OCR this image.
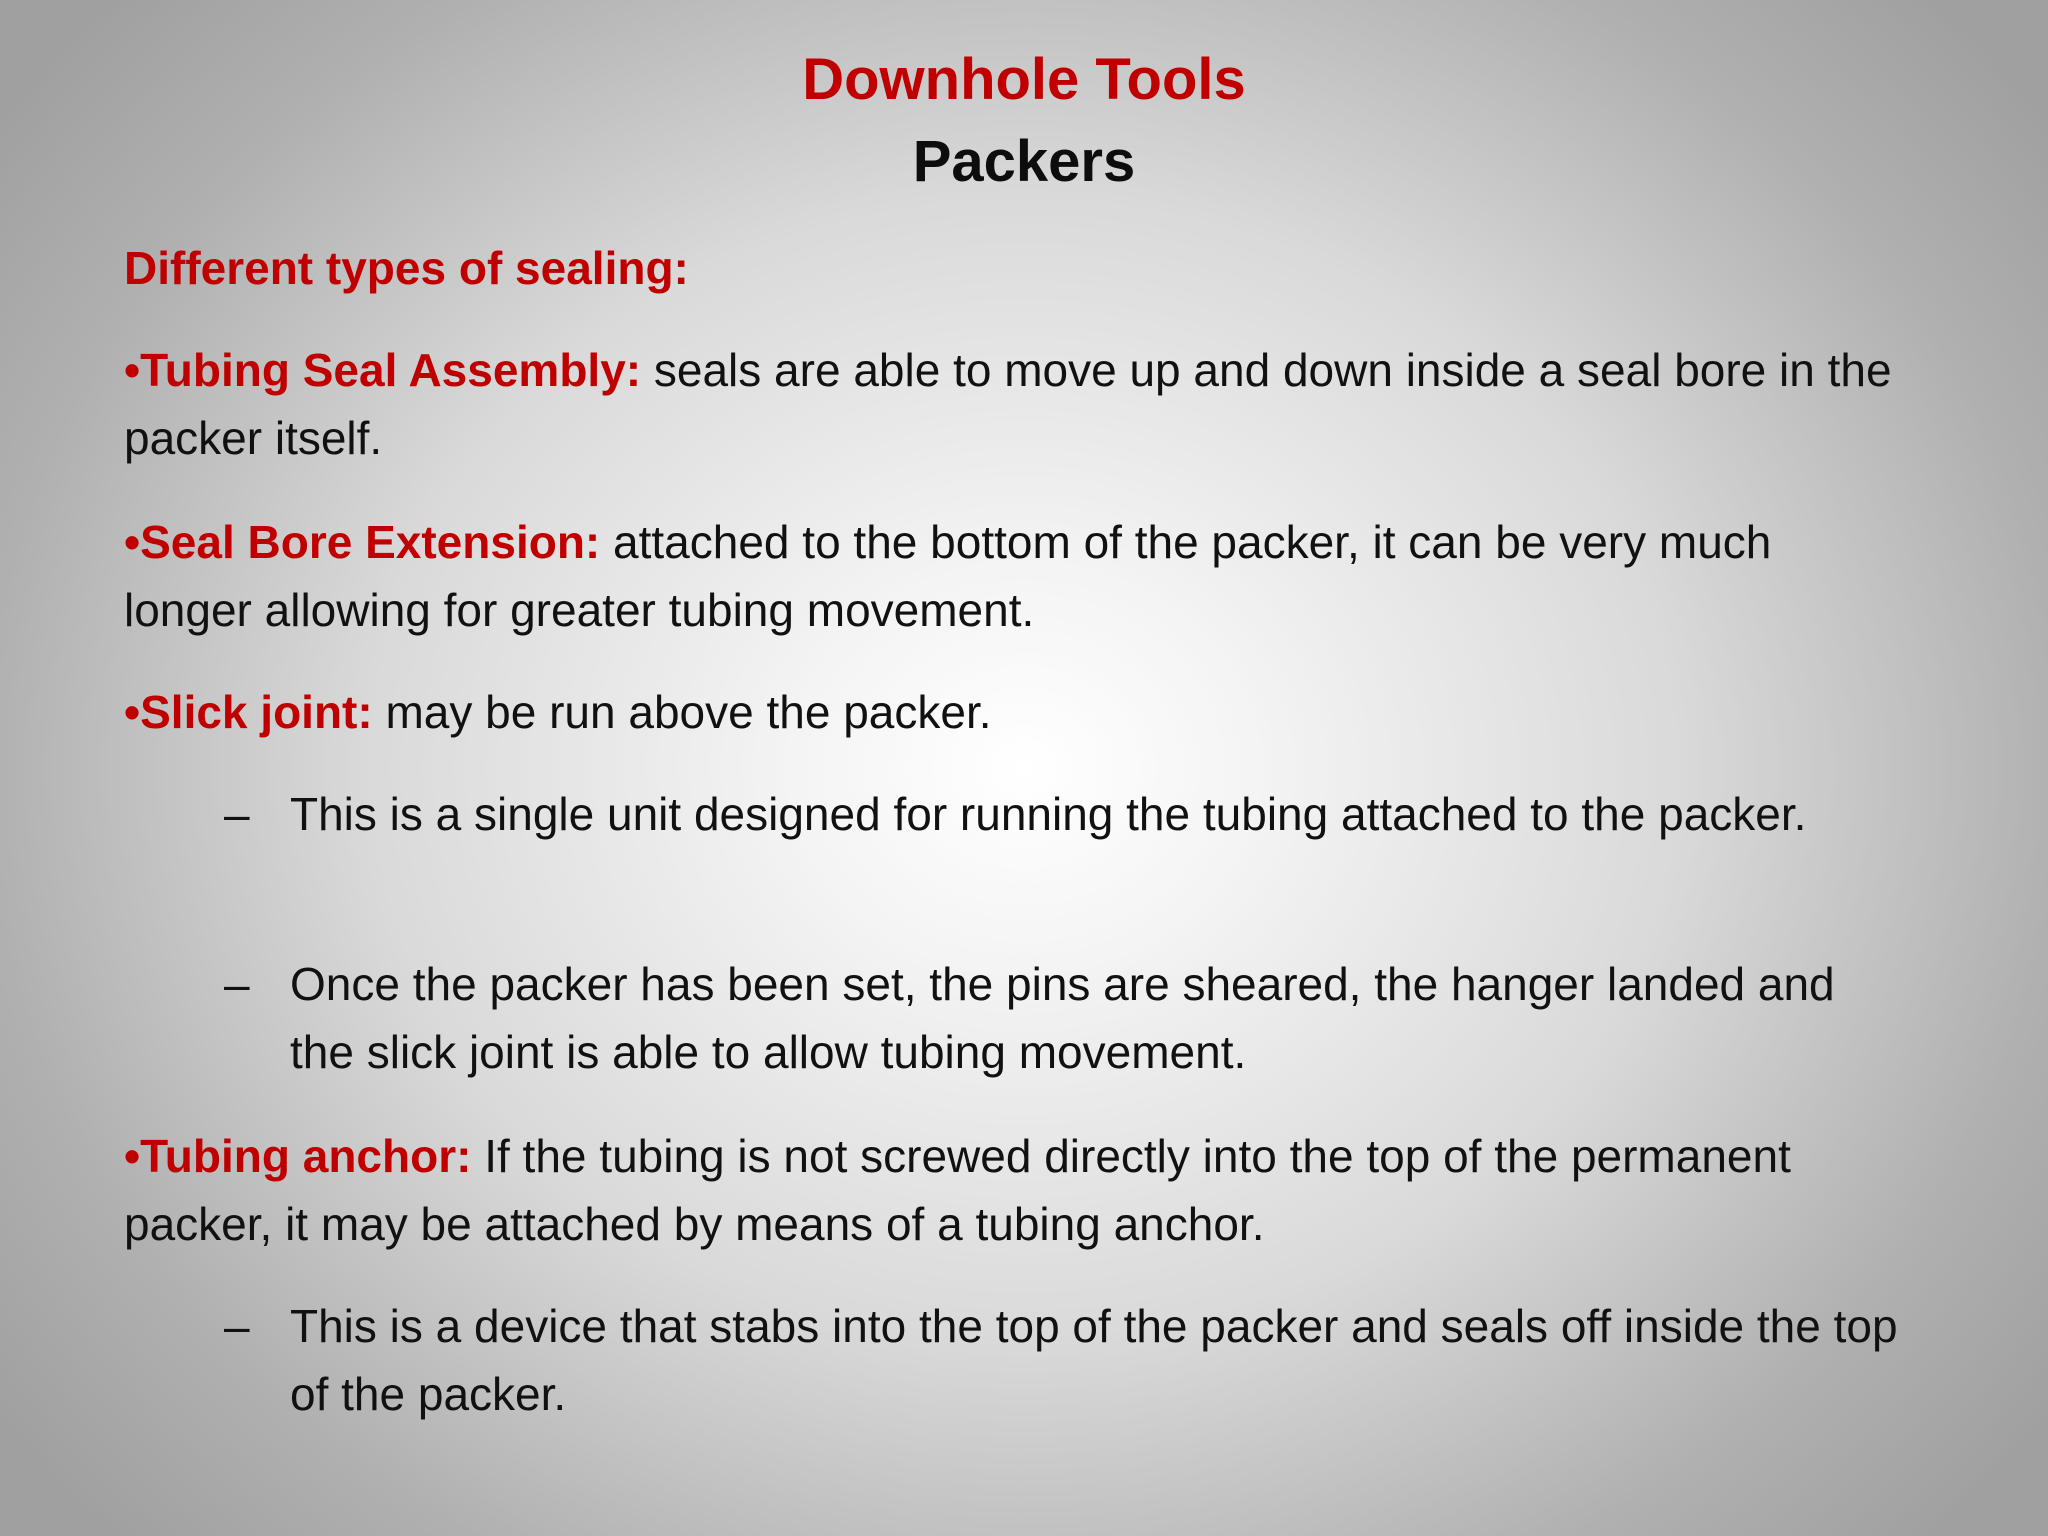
Downhole Tools
Packers

Different types of sealing:

•Tubing Seal Assembly: seals are able to move up and down inside a seal bore in the packer itself.

•Seal Bore Extension: attached to the bottom of the packer, it can be very much longer allowing for greater tubing movement.

•Slick joint: may be run above the packer.

– This is a single unit designed for running the tubing attached to the packer.

– Once the packer has been set, the pins are sheared, the hanger landed and the slick joint is able to allow tubing movement.

•Tubing anchor: If the tubing is not screwed directly into the top of the permanent packer, it may be attached by means of a tubing anchor.

– This is a device that stabs into the top of the packer and seals off inside the top of the packer.
